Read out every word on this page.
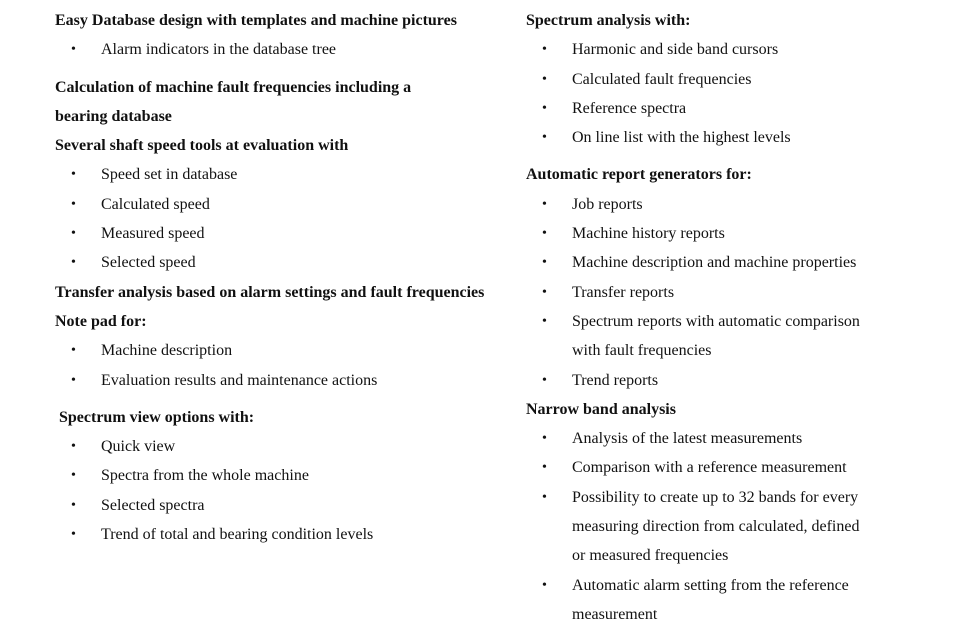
Easy Database design with templates and machine pictures

• Alarm indicators in the database tree

Calculation of machine fault frequencies including a

bearing database

Several shaft speed tools at evaluation with

• Speed set in database
• Calculated speed
• Measured speed
• Selected speed

Transfer analysis based on alarm settings and fault frequencies

Note pad for:

• Machine description
• Evaluation results and maintenance actions

Spectrum view options with:

• Quick view
• Spectra from the whole machine
• Selected spectra
• Trend of total and bearing condition levels

Spectrum analysis with:

• Harmonic and side band cursors
• Calculated fault frequencies
• Reference spectra
• On line list with the highest levels

Automatic report generators for:

• Job reports
• Machine history reports
• Machine description and machine properties
• Transfer reports
• Spectrum reports with automatic comparison
with fault frequencies
• Trend reports

Narrow band analysis

• Analysis of the latest measurements
• Comparison with a reference measurement
• Possibility to create up to 32 bands for every
measuring direction from calculated, defined
or measured frequencies
• Automatic alarm setting from the reference
measurement
